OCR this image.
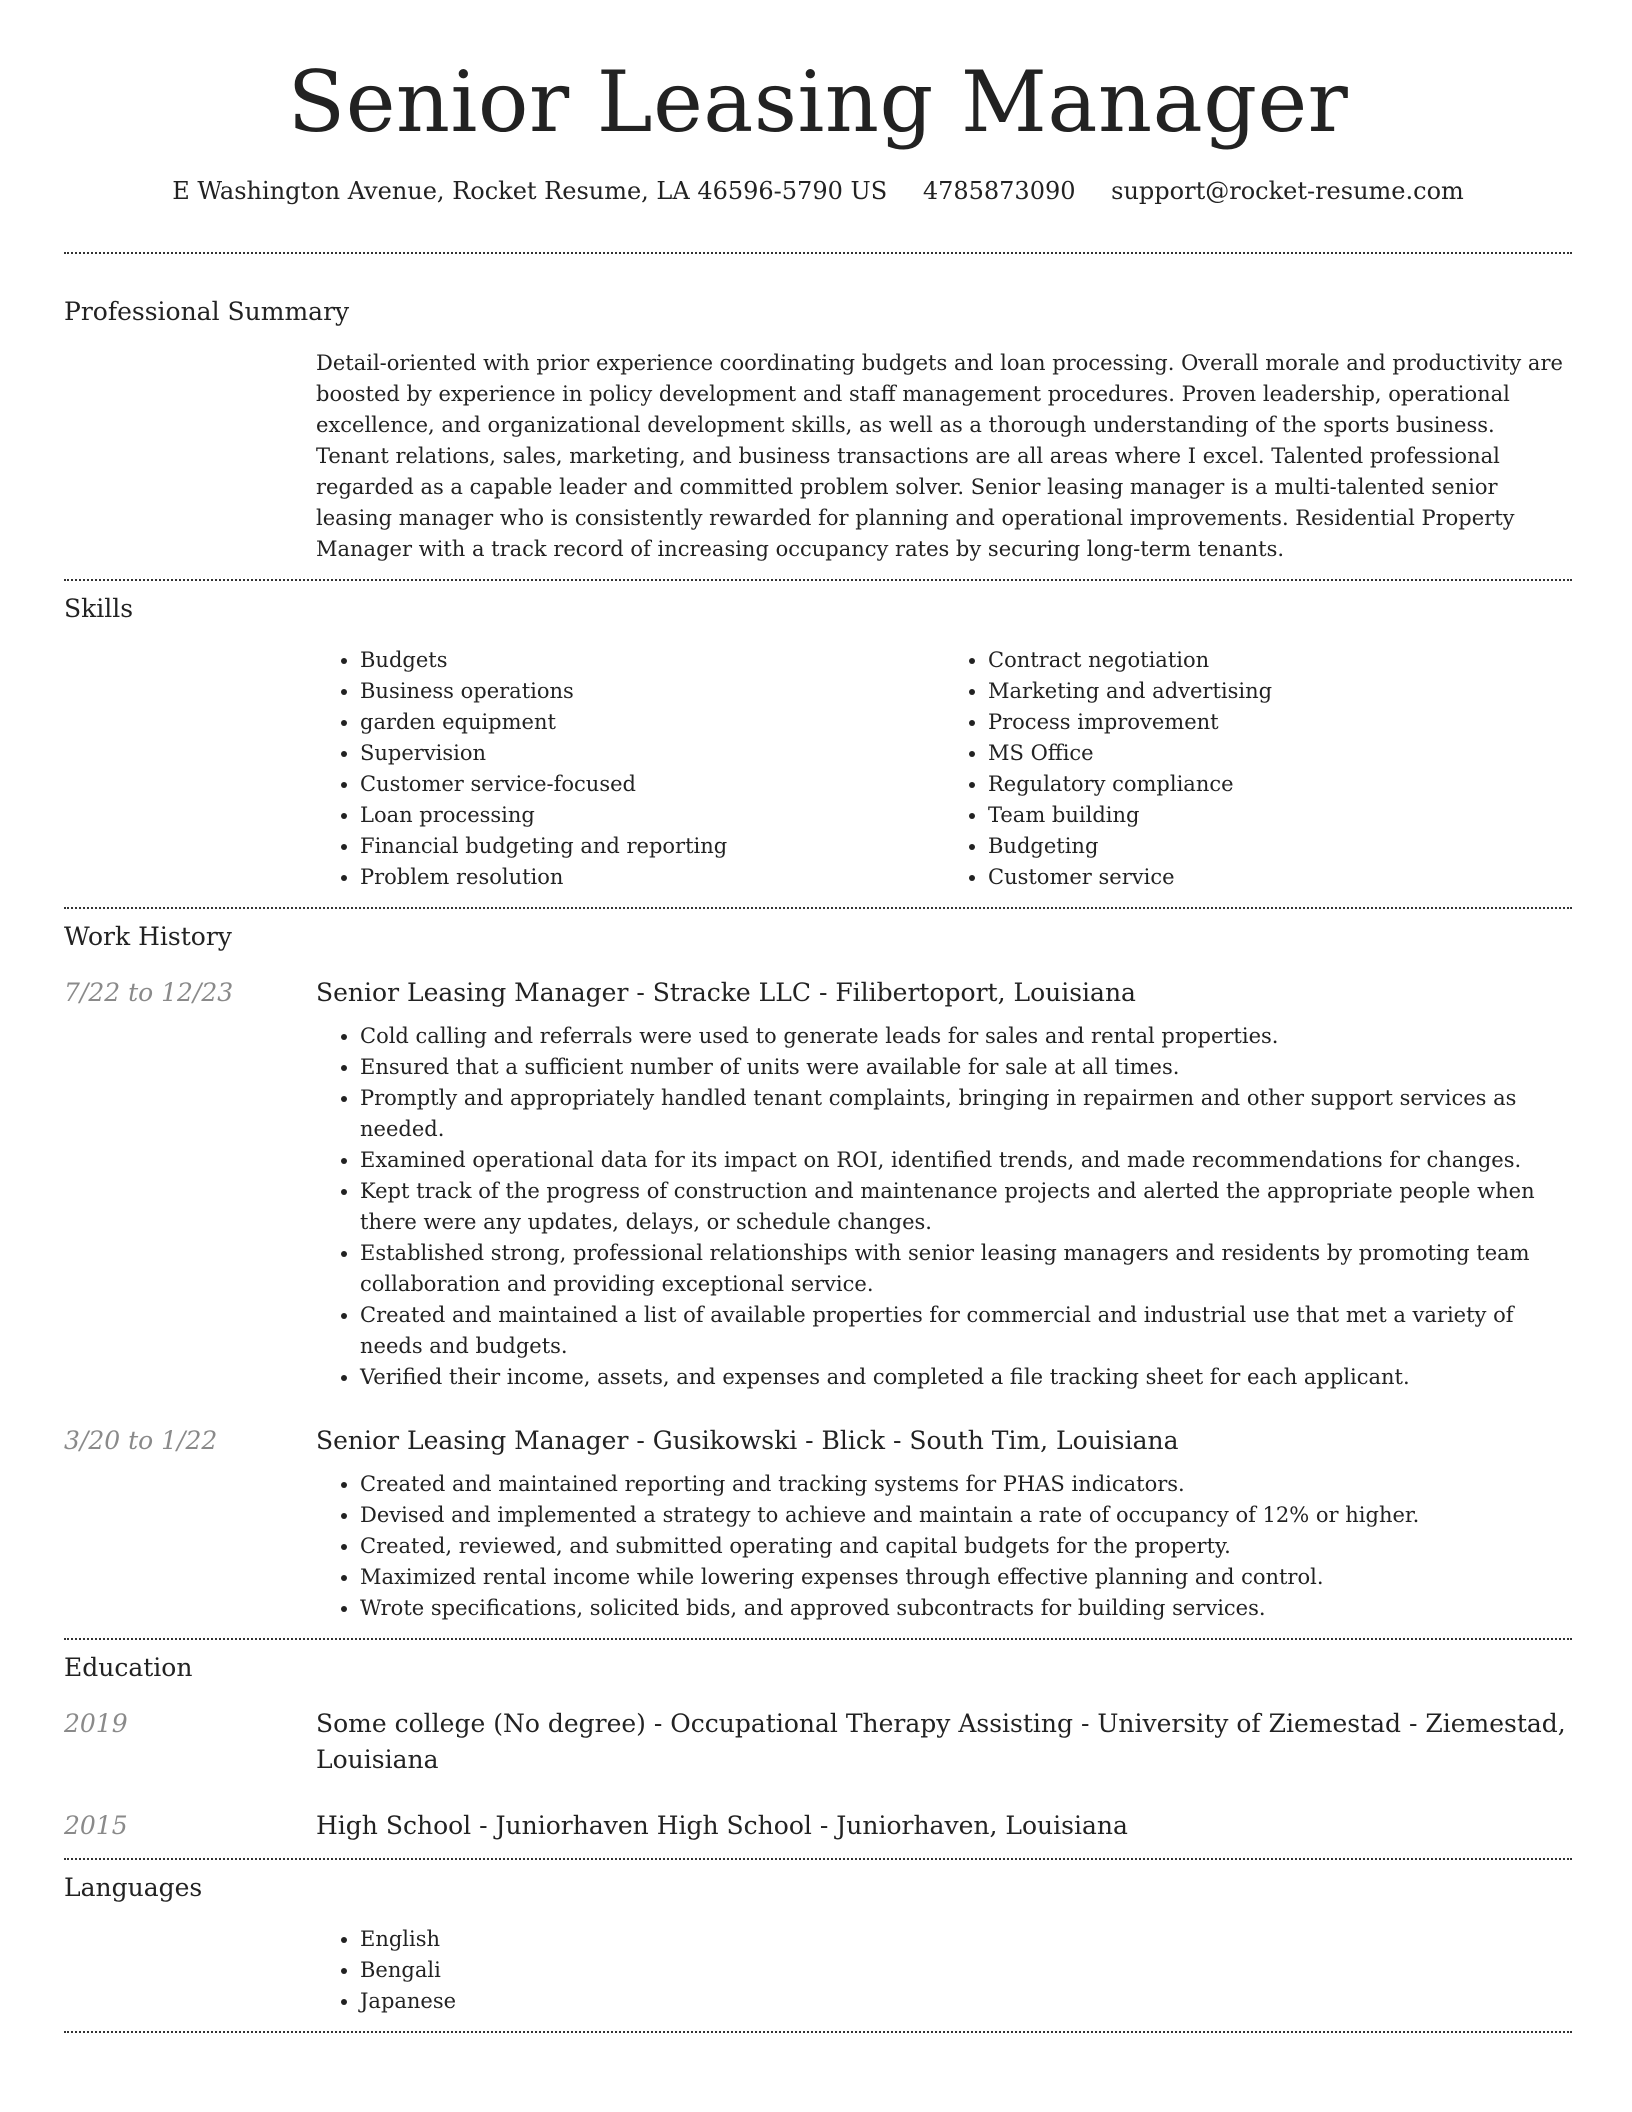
Senior Leasing Manager
E Washington Avenue, Rocket Resume, LA 46596-5790 US 4785873090 support@rocket-resume.com
Professional Summary

Detail-oriented with prior experience coordinating budgets and loan processing. Overall morale and productivity are boosted by experience in policy development and staff management procedures. Proven leadership, operational excellence, and organizational development skills, as well as a thorough understanding of the sports business. Tenant relations, sales, marketing, and business transactions are all areas where I excel. Talented professional regarded as a capable leader and committed problem solver. Senior leasing manager is a multi-talented senior leasing manager who is consistently rewarded for planning and operational improvements. Residential Property Manager with a track record of increasing occupancy rates by securing long-term tenants.

Skills
• Budgets
• Business operations
• garden equipment
• Supervision
• Customer service-focused
• Loan processing
• Financial budgeting and reporting
• Problem resolution
• Contract negotiation
• Marketing and advertising
• Process improvement
• MS Office
• Regulatory compliance
• Team building
• Budgeting
• Customer service
Work History
7/22 to 12/23	Senior Leasing Manager - Stracke LLC - Filibertoport, Louisiana
• Cold calling and referrals were used to generate leads for sales and rental properties.
• Ensured that a sufficient number of units were available for sale at all times.
• Promptly and appropriately handled tenant complaints, bringing in repairmen and other support services as needed.
• Examined operational data for its impact on ROI, identified trends, and made recommendations for changes.
• Kept track of the progress of construction and maintenance projects and alerted the appropriate people when there were any updates, delays, or schedule changes.
• Established strong, professional relationships with senior leasing managers and residents by promoting team collaboration and providing exceptional service.
• Created and maintained a list of available properties for commercial and industrial use that met a variety of needs and budgets.
• Verified their income, assets, and expenses and completed a file tracking sheet for each applicant.
3/20 to 1/22	Senior Leasing Manager - Gusikowski - Blick - South Tim, Louisiana
• Created and maintained reporting and tracking systems for PHAS indicators.
• Devised and implemented a strategy to achieve and maintain a rate of occupancy of 12% or higher.
• Created, reviewed, and submitted operating and capital budgets for the property.
• Maximized rental income while lowering expenses through effective planning and control.
• Wrote specifications, solicited bids, and approved subcontracts for building services.
Education
2019	Some college (No degree) - Occupational Therapy Assisting - University of Ziemestad - Ziemestad, Louisiana
2015	High School - Juniorhaven High School - Juniorhaven, Louisiana
Languages
• English
• Bengali
• Japanese
